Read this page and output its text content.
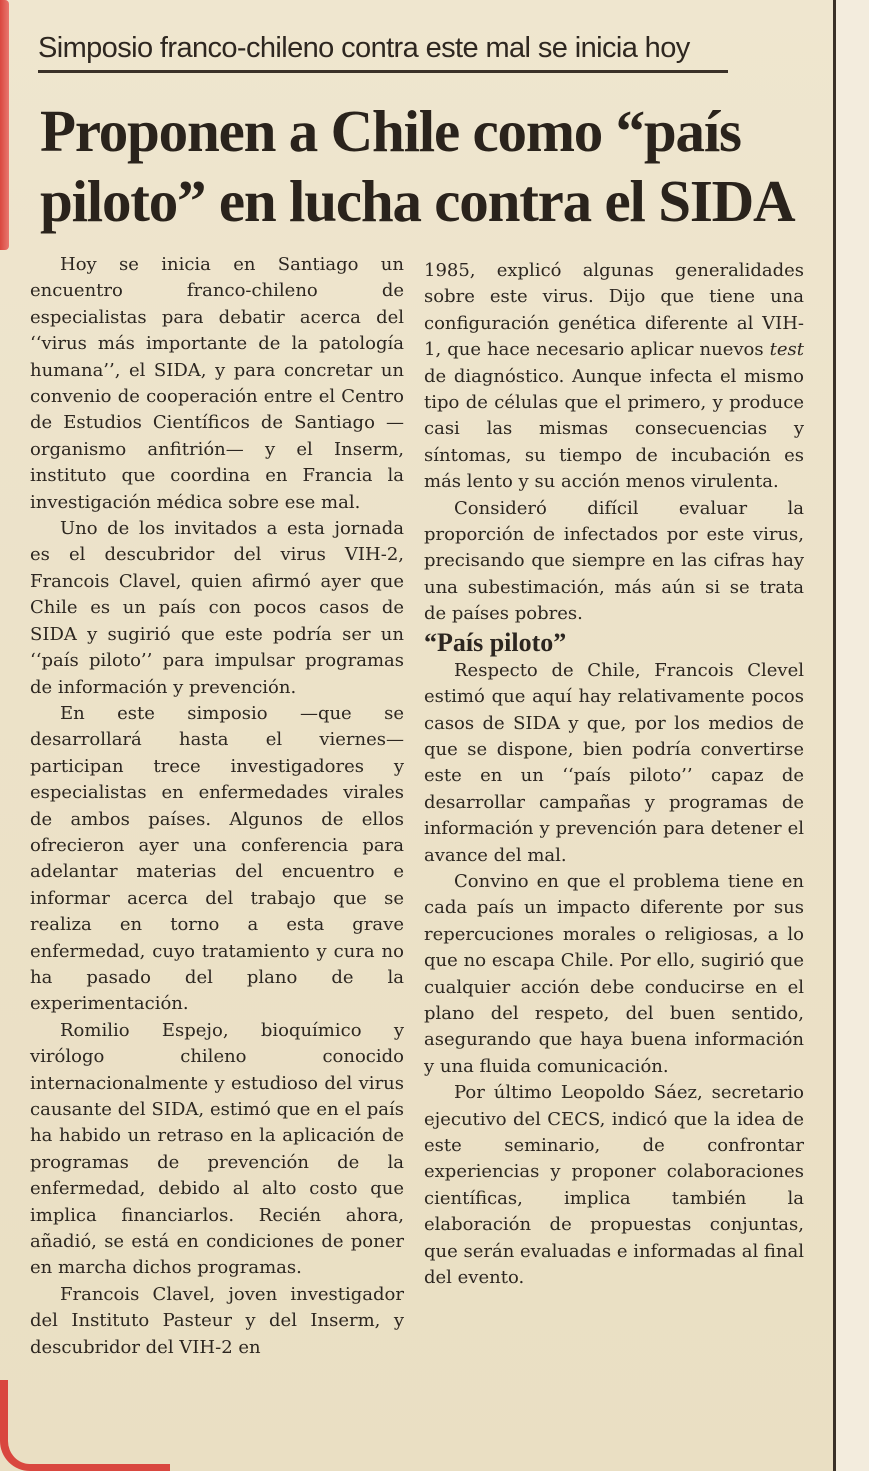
Simposio franco-chileno contra este mal se inicia hoy
Proponen a Chile como “país piloto” en lucha contra el SIDA

Hoy se inicia en Santiago un encuentro franco-chileno de especialistas para debatir acerca del ‘‘virus más importante de la patología humana’’, el SIDA, y para concretar un convenio de cooperación entre el Centro de Estudios Científicos de Santiago —organismo anfitrión— y el Inserm, instituto que coordina en Francia la investigación médica sobre ese mal.

Uno de los invitados a esta jornada es el descubridor del virus VIH-2, Francois Clavel, quien afirmó ayer que Chile es un país con pocos casos de SIDA y sugirió que este podría ser un ‘‘país piloto’’ para impulsar programas de información y prevención.

En este simposio —que se desarrollará hasta el viernes— participan trece investigadores y especialistas en enfermedades virales de ambos países. Algunos de ellos ofrecieron ayer una conferencia para adelantar materias del encuentro e informar acerca del trabajo que se realiza en torno a esta grave enfermedad, cuyo tratamiento y cura no ha pasado del plano de la experimentación.

Romilio Espejo, bioquímico y virólogo chileno conocido internacionalmente y estudioso del virus causante del SIDA, estimó que en el país ha habido un retraso en la aplicación de programas de prevención de la enfermedad, debido al alto costo que implica financiarlos. Recién ahora, añadió, se está en condiciones de poner en marcha dichos programas.

Francois Clavel, joven investigador del Instituto Pasteur y del Inserm, y descubridor del VIH-2 en

1985, explicó algunas generalidades sobre este virus. Dijo que tiene una configuración genética diferente al VIH-1, que hace necesario aplicar nuevos test de diagnóstico. Aunque infecta el mismo tipo de células que el primero, y produce casi las mismas consecuencias y síntomas, su tiempo de incubación es más lento y su acción menos virulenta.

Consideró difícil evaluar la proporción de infectados por este virus, precisando que siempre en las cifras hay una subestimación, más aún si se trata de países pobres.

“País piloto”

Respecto de Chile, Francois Clevel estimó que aquí hay relativamente pocos casos de SIDA y que, por los medios de que se dispone, bien podría convertirse este en un ‘‘país piloto’’ capaz de desarrollar campañas y programas de información y prevención para detener el avance del mal.

Convino en que el problema tiene en cada país un impacto diferente por sus repercuciones morales o religiosas, a lo que no escapa Chile. Por ello, sugirió que cualquier acción debe conducirse en el plano del respeto, del buen sentido, asegurando que haya buena información y una fluida comunicación.

Por último Leopoldo Sáez, secretario ejecutivo del CECS, indicó que la idea de este seminario, de confrontar experiencias y proponer colaboraciones científicas, implica también la elaboración de propuestas conjuntas, que serán evaluadas e informadas al final del evento.
